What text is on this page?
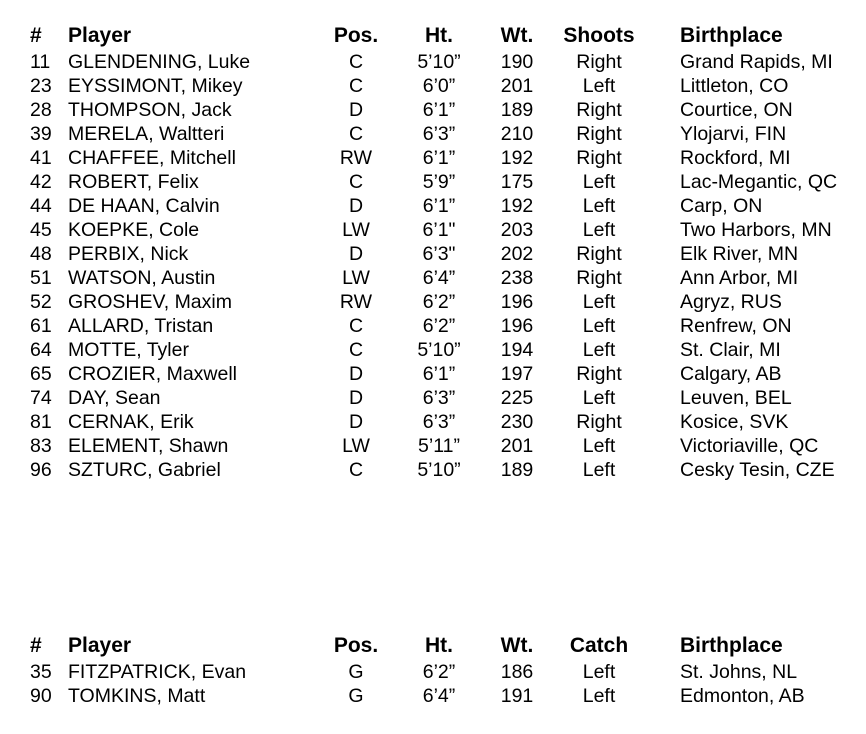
#	Player	Pos.	Ht.	Wt.	Shoots	Birthplace
11 GLENDENING, Luke	C	5’10”	190	Right	Grand Rapids, MI
23 EYSSIMONT, Mikey	C	6’0”	201	Left	Littleton, CO
28 THOMPSON, Jack	D	6’1”	189	Right	Courtice, ON
39 MERELA, Waltteri	C	6’3”	210	Right	Ylojarvi, FIN
41 CHAFFEE, Mitchell	RW	6’1”	192	Right	Rockford, MI
42 ROBERT, Felix	C	5’9”	175	Left	Lac-Megantic, QC
44 DE HAAN, Calvin	D	6’1”	192	Left	Carp, ON
45 KOEPKE, Cole	LW	6’1"	203	Left	Two Harbors, MN
48 PERBIX, Nick	D	6’3"	202	Right	Elk River, MN
51 WATSON, Austin	LW	6’4”	238	Right	Ann Arbor, MI
52 GROSHEV, Maxim	RW	6’2”	196	Left	Agryz, RUS
61 ALLARD, Tristan	C	6’2”	196	Left	Renfrew, ON
64 MOTTE, Tyler	C	5’10”	194	Left	St. Clair, MI
65 CROZIER, Maxwell	D	6’1”	197	Right	Calgary, AB
74 DAY, Sean	D	6’3”	225	Left	Leuven, BEL
81 CERNAK, Erik	D	6’3”	230	Right	Kosice, SVK
83 ELEMENT, Shawn	LW	5’11”	201	Left	Victoriaville, QC
96 SZTURC, Gabriel	C	5’10”	189	Left	Cesky Tesin, CZE
#	Player	Pos.	Ht.	Wt.	Catch	Birthplace
35 FITZPATRICK, Evan	G	6’2”	186	Left	St. Johns, NL
90 TOMKINS, Matt	G	6’4”	191	Left	Edmonton, AB
